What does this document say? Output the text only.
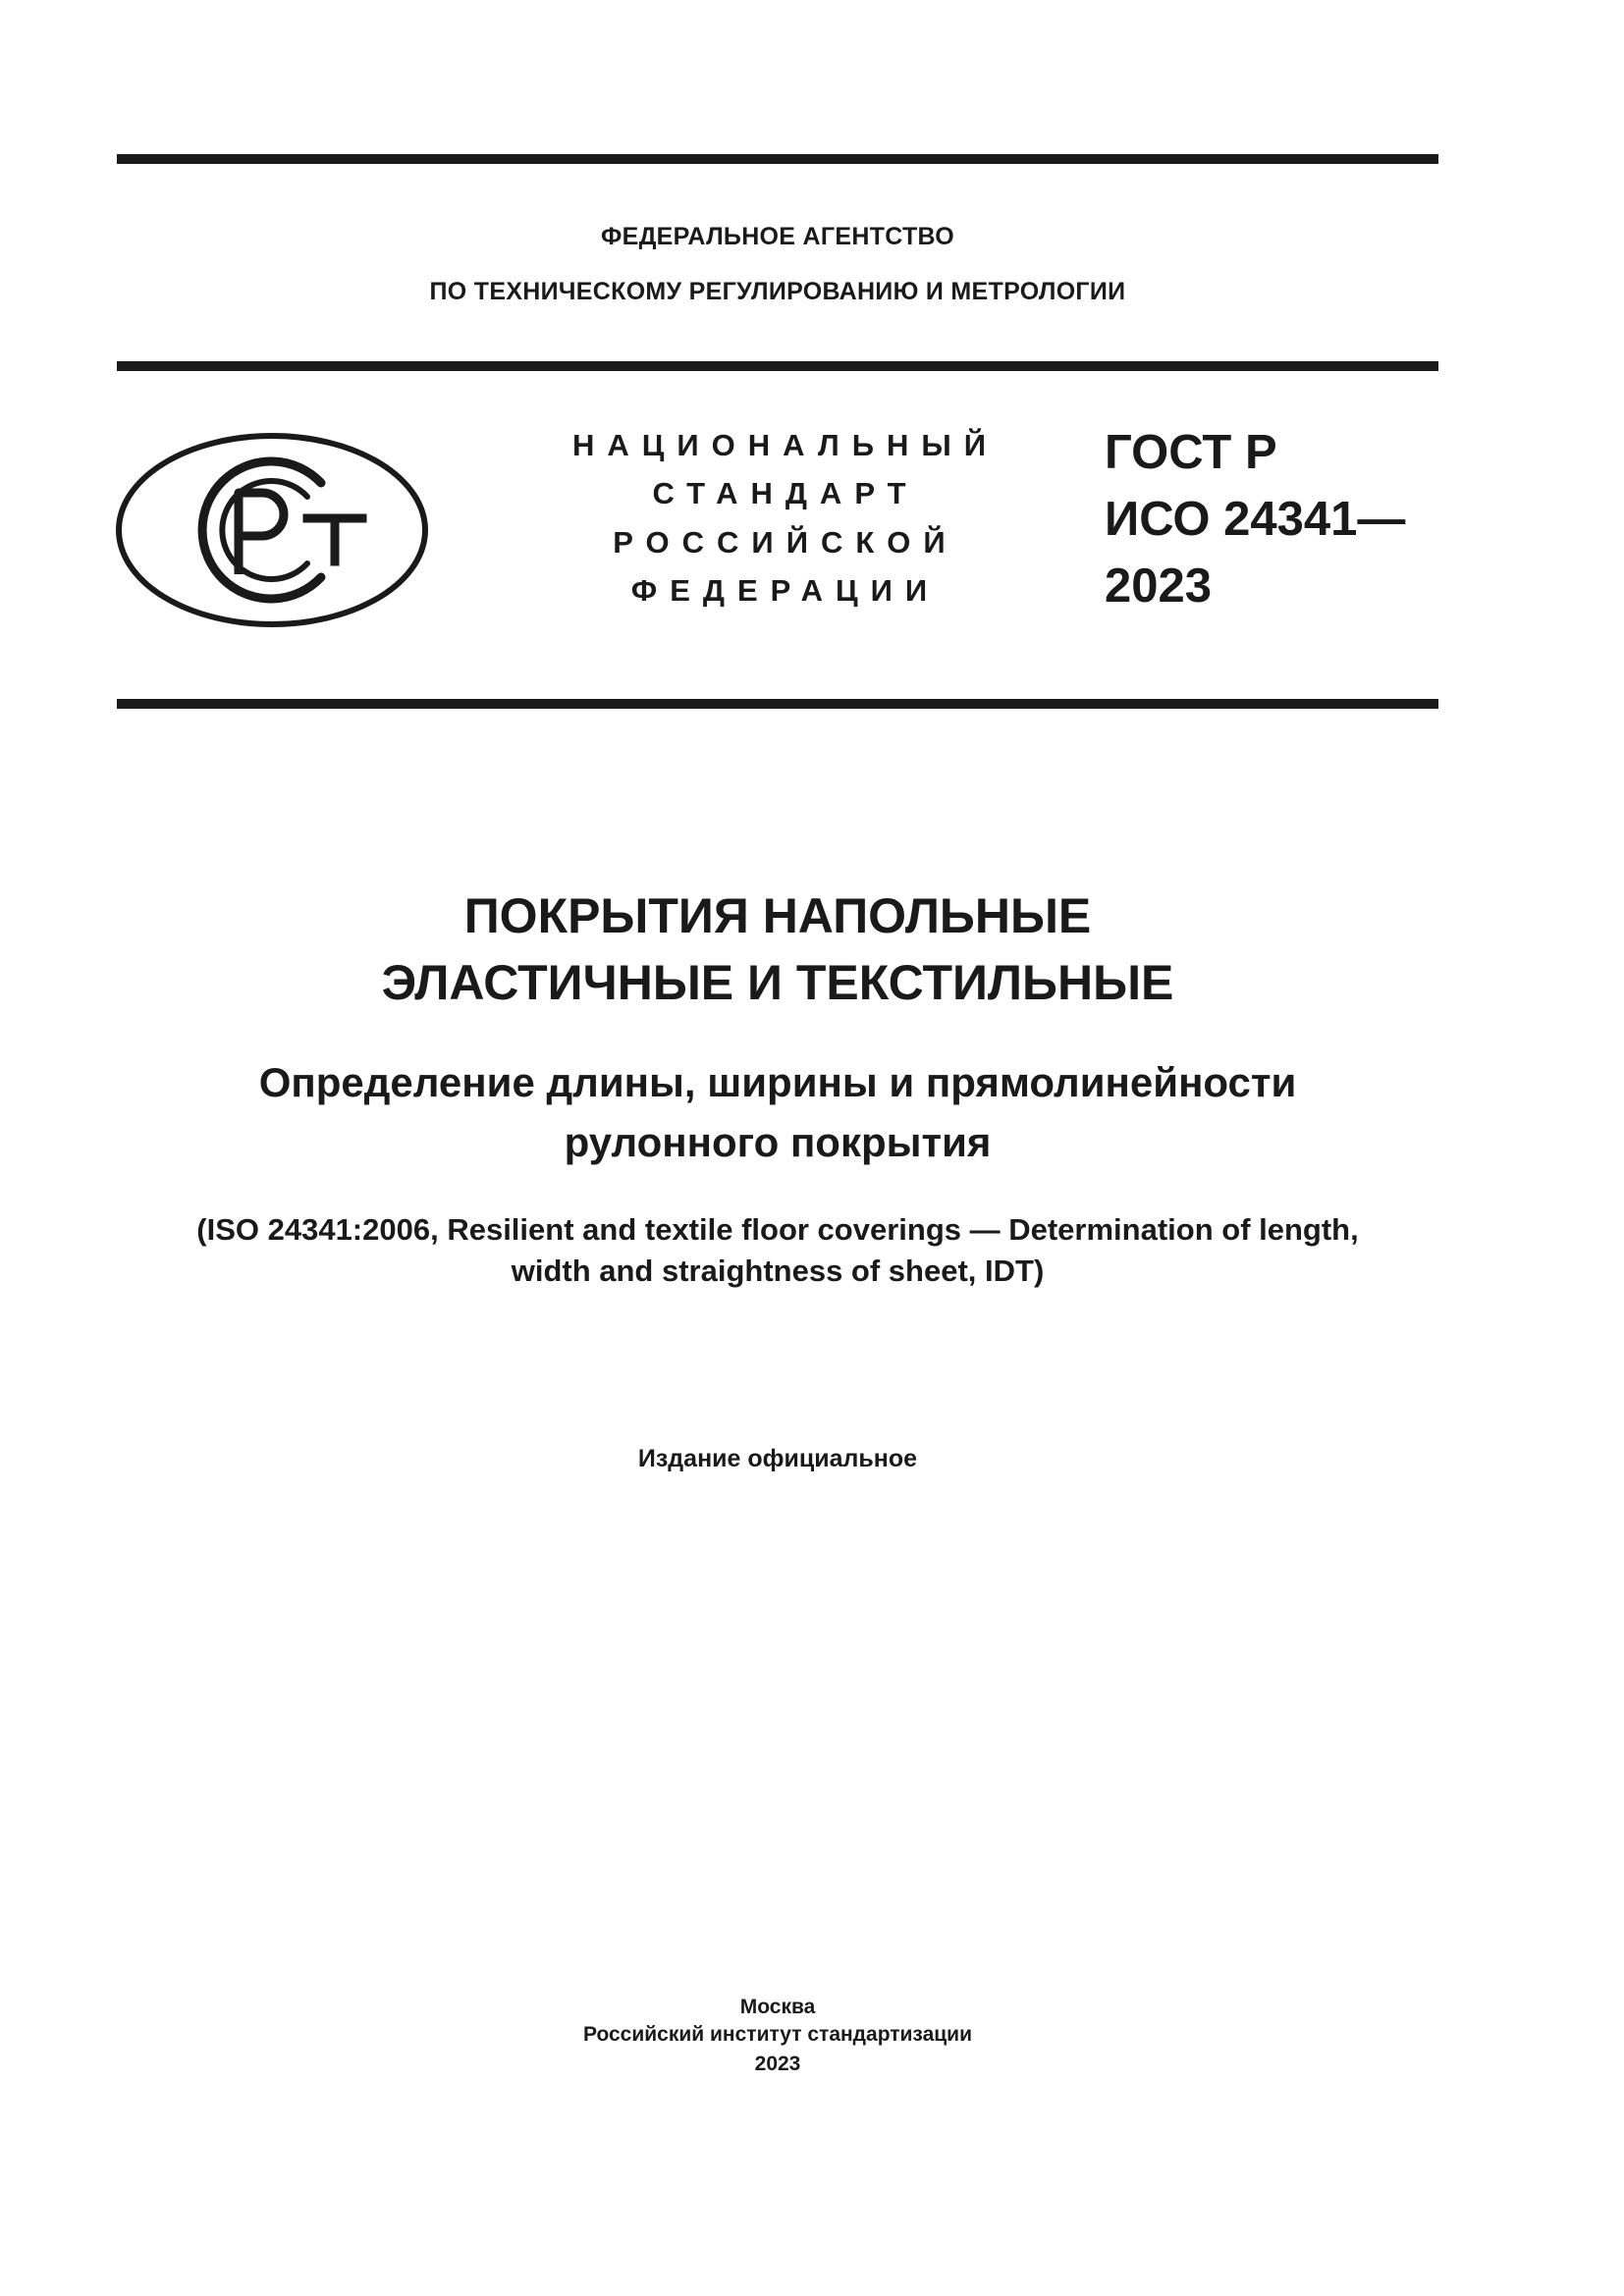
ФЕДЕРАЛЬНОЕ АГЕНТСТВО
ПО ТЕХНИЧЕСКОМУ РЕГУЛИРОВАНИЮ И МЕТРОЛОГИИ
НАЦИОНАЛЬНЫЙ
СТАНДАРТ
РОССИЙСКОЙ
ФЕДЕРАЦИИ
ГОСТ Р
ИСО 24341—
2023
ПОКРЫТИЯ НАПОЛЬНЫЕ
ЭЛАСТИЧНЫЕ И ТЕКСТИЛЬНЫЕ
Определение длины, ширины и прямолинейности
рулонного покрытия
(ISO 24341:2006, Resilient and textile floor coverings — Determination of length,
width and straightness of sheet, IDT)
Издание официальное
Москва
Российский институт стандартизации
2023
